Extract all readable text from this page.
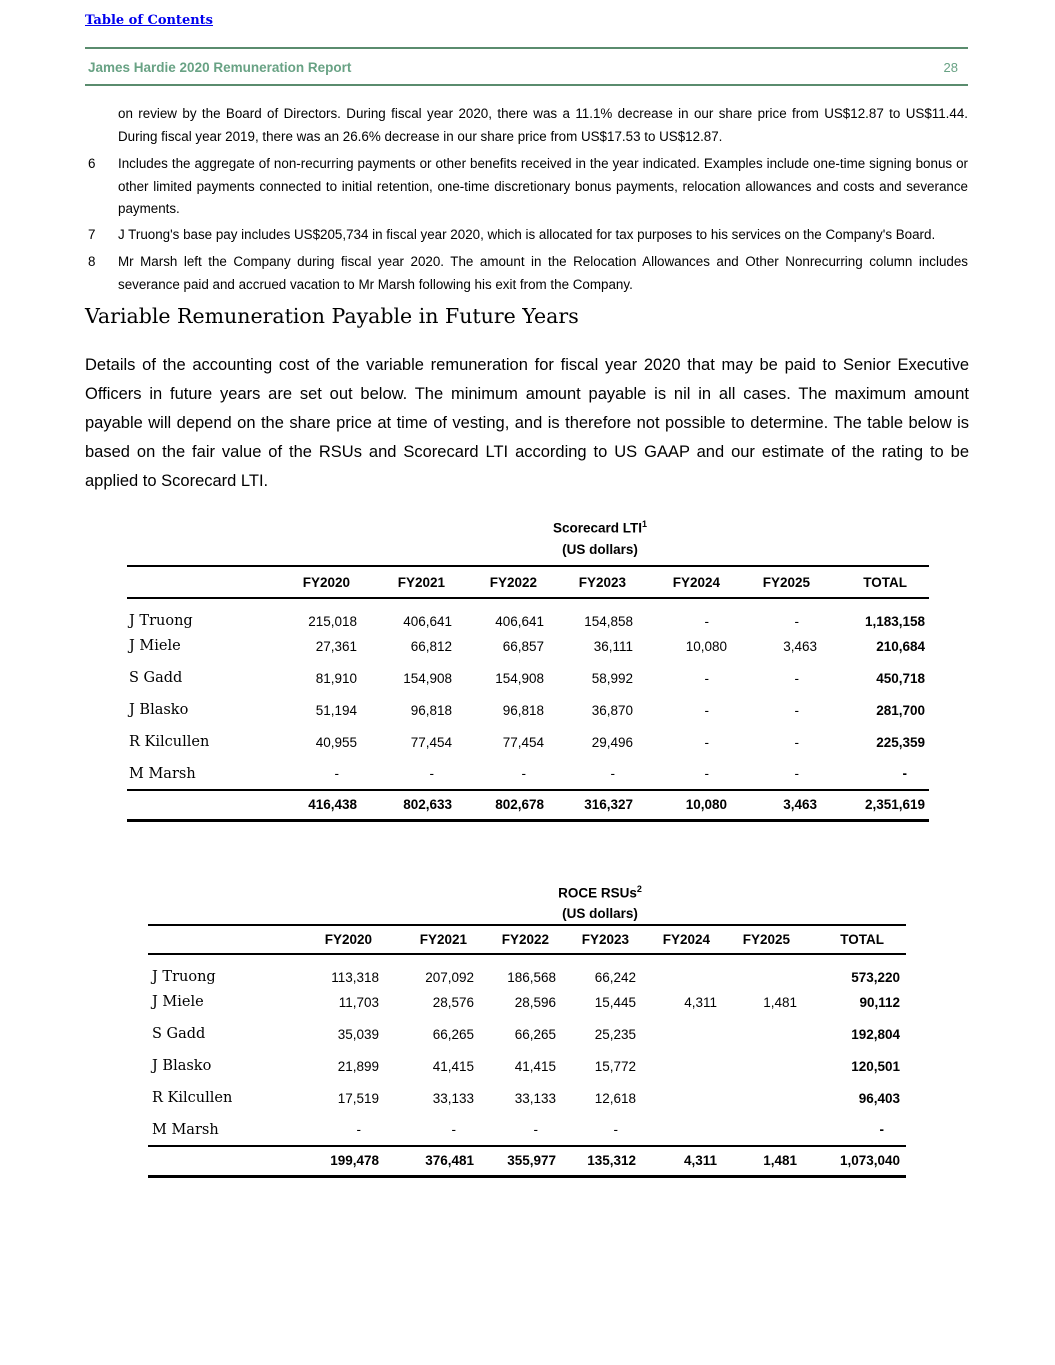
Table of Contents
James Hardie 2020 Remuneration Report	28
on review by the Board of Directors. During fiscal year 2020, there was a 11.1% decrease in our share price from US$12.87 to US$11.44. During fiscal year 2019, there was an 26.6% decrease in our share price from US$17.53 to US$12.87.
6 Includes the aggregate of non-recurring payments or other benefits received in the year indicated. Examples include one-time signing bonus or other limited payments connected to initial retention, one-time discretionary bonus payments, relocation allowances and costs and severance payments.
7 J Truong's base pay includes US$205,734 in fiscal year 2020, which is allocated for tax purposes to his services on the Company's Board.
8 Mr Marsh left the Company during fiscal year 2020. The amount in the Relocation Allowances and Other Nonrecurring column includes severance paid and accrued vacation to Mr Marsh following his exit from the Company.
Variable Remuneration Payable in Future Years

Details of the accounting cost of the variable remuneration for fiscal year 2020 that may be paid to Senior Executive Officers in future years are set out below. The minimum amount payable is nil in all cases. The maximum amount payable will depend on the share price at time of vesting, and is therefore not possible to determine. The table below is based on the fair value of the RSUs and Scorecard LTI according to US GAAP and our estimate of the rating to be applied to Scorecard LTI.

Scorecard LTI$^1$
(US dollars)
	FY2020	FY2021	FY2022	FY2023	FY2024	FY2025	TOTAL
J Truong	215,018	406,641	406,641	154,858	-	-	1,183,158
J Miele	27,361	66,812	66,857	36,111	10,080	3,463	210,684
S Gadd	81,910	154,908	154,908	58,992	-	-	450,718
J Blasko	51,194	96,818	96,818	36,870	-	-	281,700
R Kilcullen	40,955	77,454	77,454	29,496	-	-	225,359
M Marsh	-	-	-	-	-	-	-
	416,438	802,633	802,678	316,327	10,080	3,463	2,351,619
ROCE RSUs$^2$
(US dollars)
	FY2020	FY2021	FY2022	FY2023	FY2024	FY2025	TOTAL
J Truong	113,318	207,092	186,568	66,242			573,220
J Miele	11,703	28,576	28,596	15,445	4,311	1,481	90,112
S Gadd	35,039	66,265	66,265	25,235			192,804
J Blasko	21,899	41,415	41,415	15,772			120,501
R Kilcullen	17,519	33,133	33,133	12,618			96,403
M Marsh	-	-	-	-			-
	199,478	376,481	355,977	135,312	4,311	1,481	1,073,040
